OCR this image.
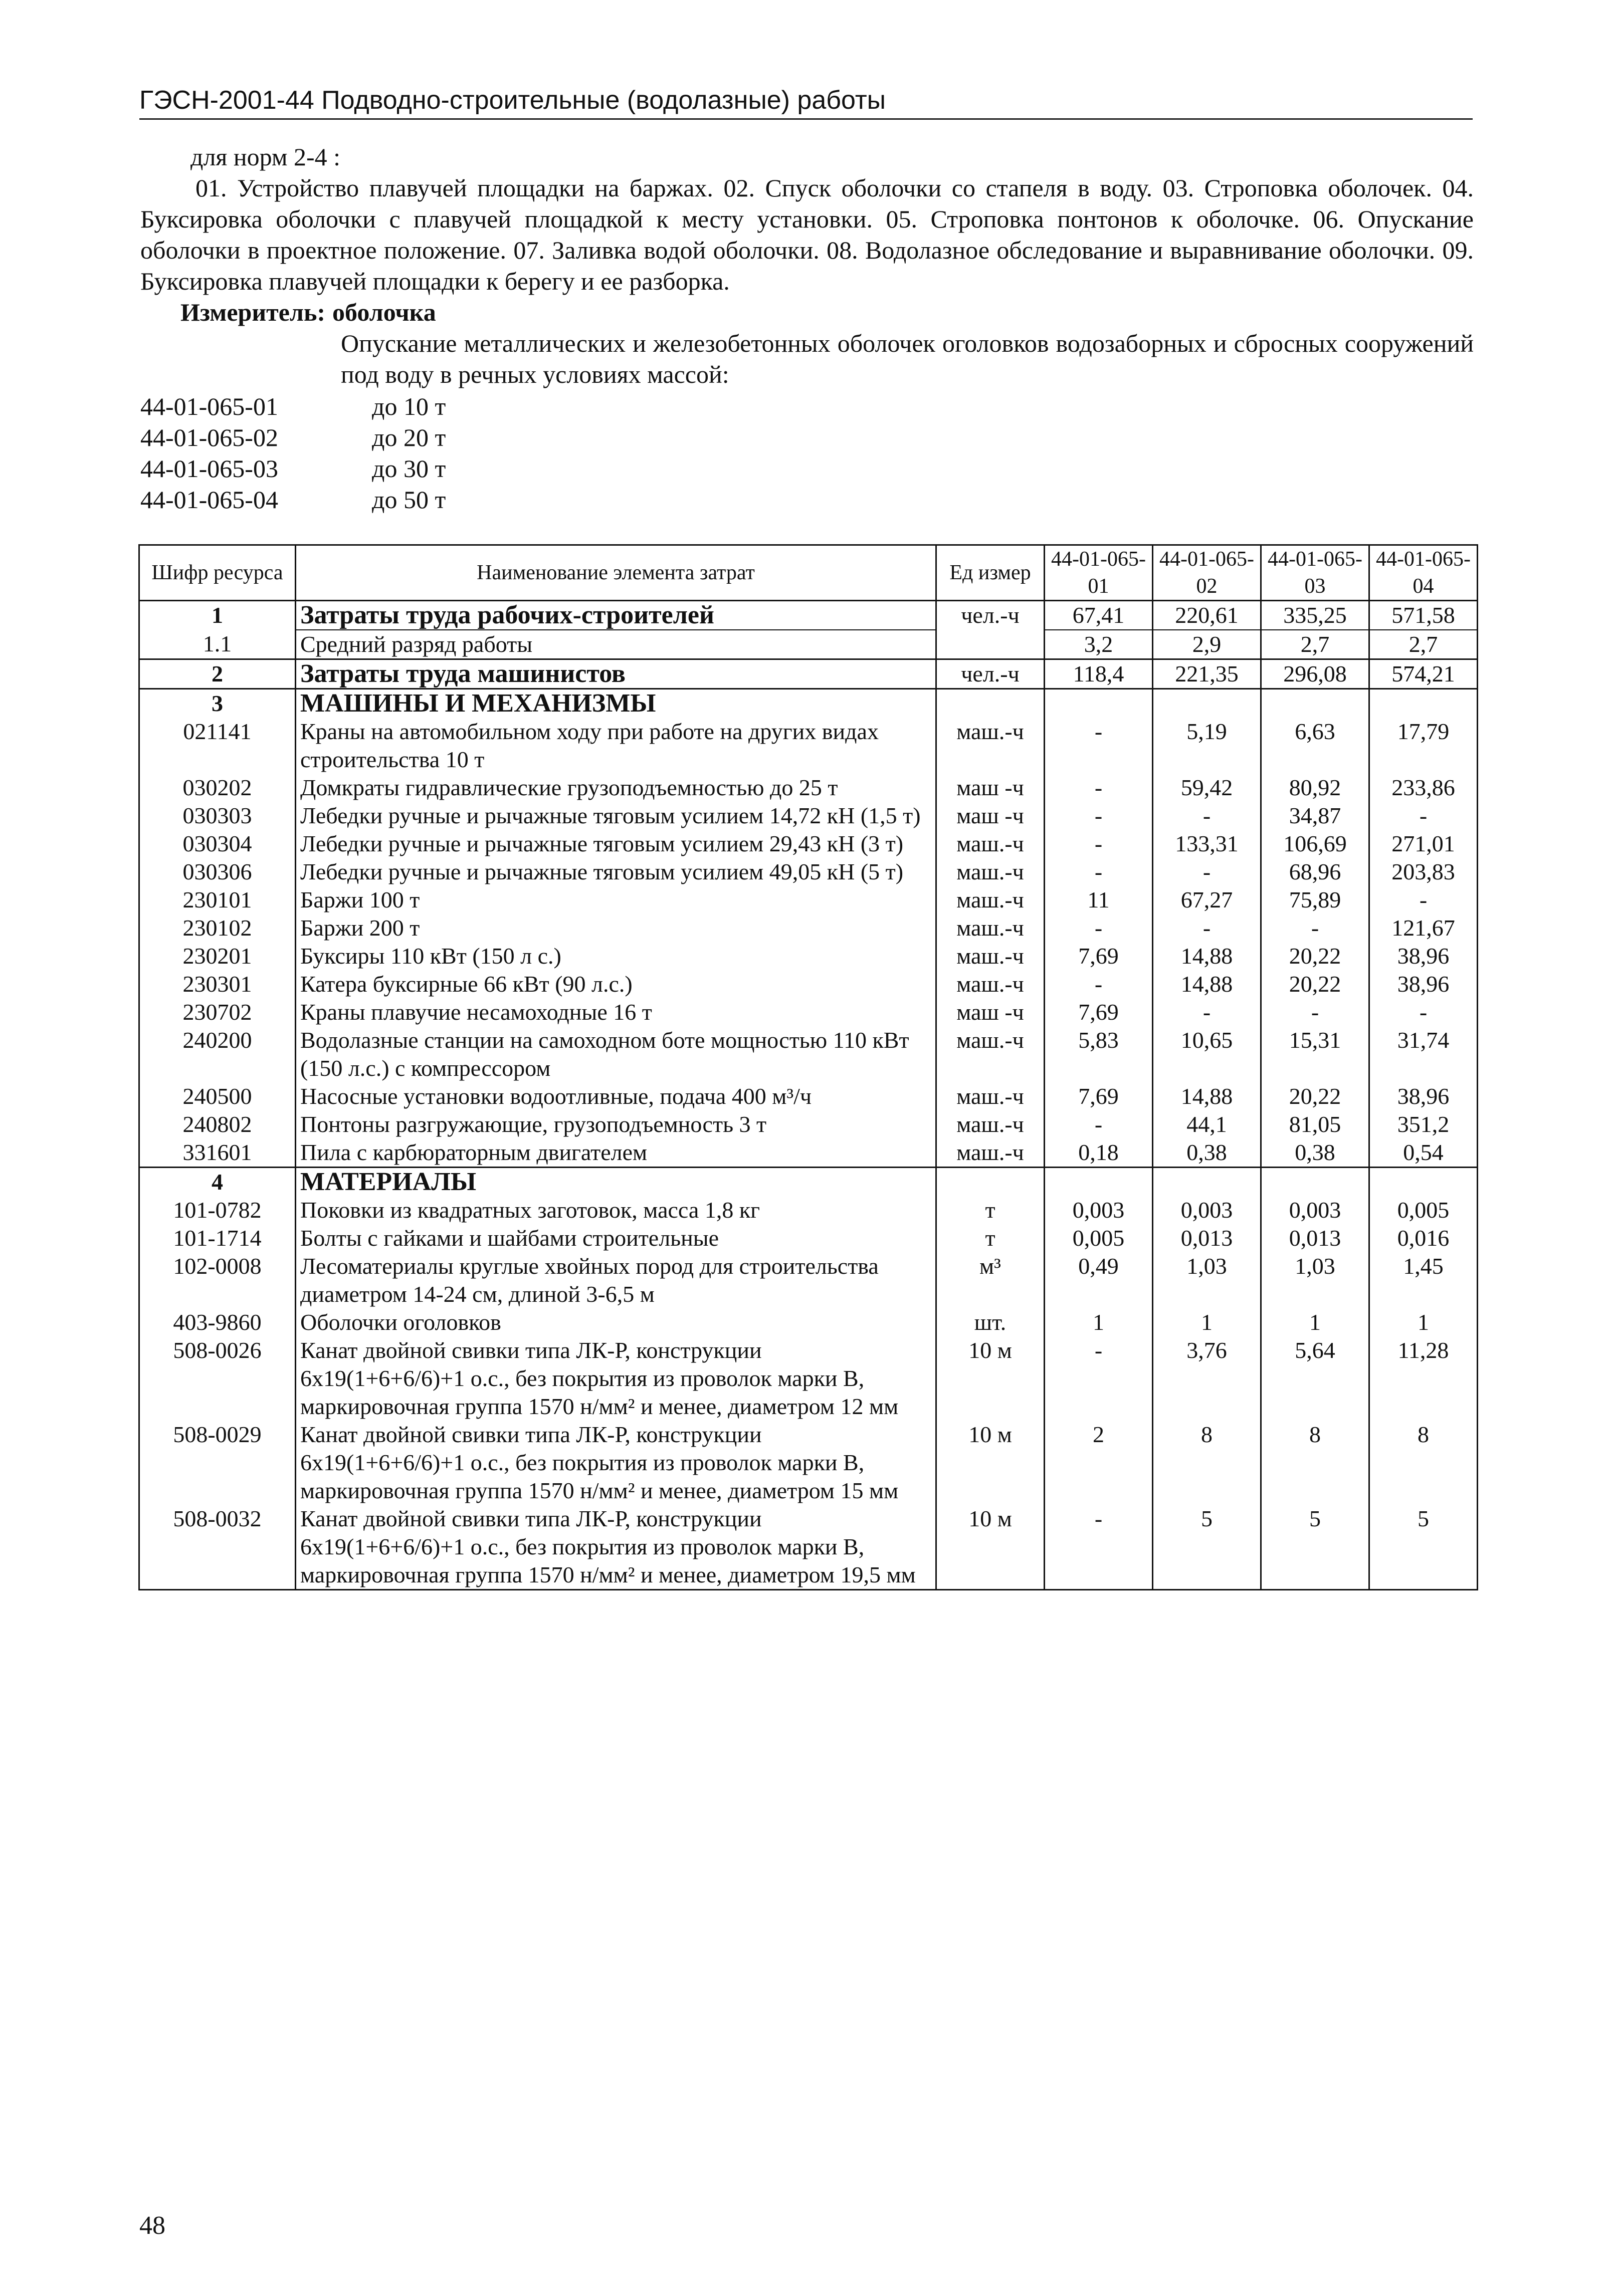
ГЭСН-2001-44 Подводно-строительные (водолазные) работы

для норм 2-4 :

01. Устройство плавучей площадки на баржах. 02. Спуск оболочки со стапеля в воду. 03. Строповка оболочек. 04. Буксировка оболочки с плавучей площадкой к месту установки. 05. Строповка понтонов к оболочке. 06. Опускание оболочки в проектное положение. 07. Заливка водой оболочки. 08. Водолазное обследование и выравнивание оболочки. 09. Буксировка плавучей площадки к берегу и ее разборка.

Измеритель: оболочка

Опускание металлических и железобетонных оболочек оголовков водозаборных и сбросных сооружений под воду в речных условиях массой:

44-01-065-01	до 10 т
44-01-065-02	до 20 т
44-01-065-03	до 30 т
44-01-065-04	до 50 т
Шифр ресурса	Наименование элемента затрат	Ед измер	44-01-065-01	44-01-065-02	44-01-065-03	44-01-065-04
1	Затраты труда рабочих-строителей	чел.-ч	67,41	220,61	335,25	571,58
1.1	Средний разряд работы		3,2	2,9	2,7	2,7
2	Затраты труда машинистов	чел.-ч	118,4	221,35	296,08	574,21
3	МАШИНЫ И МЕХАНИЗМЫ					
021141	Краны на автомобильном ходу при работе на других видах строительства 10 т	маш.-ч	-	5,19	6,63	17,79
030202	Домкраты гидравлические грузоподъемностью до 25 т	маш -ч	-	59,42	80,92	233,86
030303	Лебедки ручные и рычажные тяговым усилием 14,72 кН (1,5 т)	маш -ч	-	-	34,87	-
030304	Лебедки ручные и рычажные тяговым усилием 29,43 кН (3 т)	маш.-ч	-	133,31	106,69	271,01
030306	Лебедки ручные и рычажные тяговым усилием 49,05 кН (5 т)	маш.-ч	-	-	68,96	203,83
230101	Баржи 100 т	маш.-ч	11	67,27	75,89	-
230102	Баржи 200 т	маш.-ч	-	-	-	121,67
230201	Буксиры 110 кВт (150 л с.)	маш.-ч	7,69	14,88	20,22	38,96
230301	Катера буксирные 66 кВт (90 л.с.)	маш.-ч	-	14,88	20,22	38,96
230702	Краны плавучие несамоходные 16 т	маш -ч	7,69	-	-	-
240200	Водолазные станции на самоходном боте мощностью 110 кВт (150 л.с.) с компрессором	маш.-ч	5,83	10,65	15,31	31,74
240500	Насосные установки водоотливные, подача 400 м³/ч	маш.-ч	7,69	14,88	20,22	38,96
240802	Понтоны разгружающие, грузоподъемность 3 т	маш.-ч	-	44,1	81,05	351,2
331601	Пила с карбюраторным двигателем	маш.-ч	0,18	0,38	0,38	0,54
4	МАТЕРИАЛЫ					
101-0782	Поковки из квадратных заготовок, масса 1,8 кг	т	0,003	0,003	0,003	0,005
101-1714	Болты с гайками и шайбами строительные	т	0,005	0,013	0,013	0,016
102-0008	Лесоматериалы круглые хвойных пород для строительства диаметром 14-24 см, длиной 3-6,5 м	м³	0,49	1,03	1,03	1,45
403-9860	Оболочки оголовков	шт.	1	1	1	1
508-0026	Канат двойной свивки типа ЛК-Р, конструкции 6х19(1+6+6/6)+1 о.с., без покрытия из проволок марки В, маркировочная группа 1570 н/мм² и менее, диаметром 12 мм	10 м	-	3,76	5,64	11,28
508-0029	Канат двойной свивки типа ЛК-Р, конструкции 6х19(1+6+6/6)+1 о.с., без покрытия из проволок марки В, маркировочная группа 1570 н/мм² и менее, диаметром 15 мм	10 м	2	8	8	8
508-0032	Канат двойной свивки типа ЛК-Р, конструкции 6х19(1+6+6/6)+1 о.с., без покрытия из проволок марки В, маркировочная группа 1570 н/мм² и менее, диаметром 19,5 мм	10 м	-	5	5	5
48
